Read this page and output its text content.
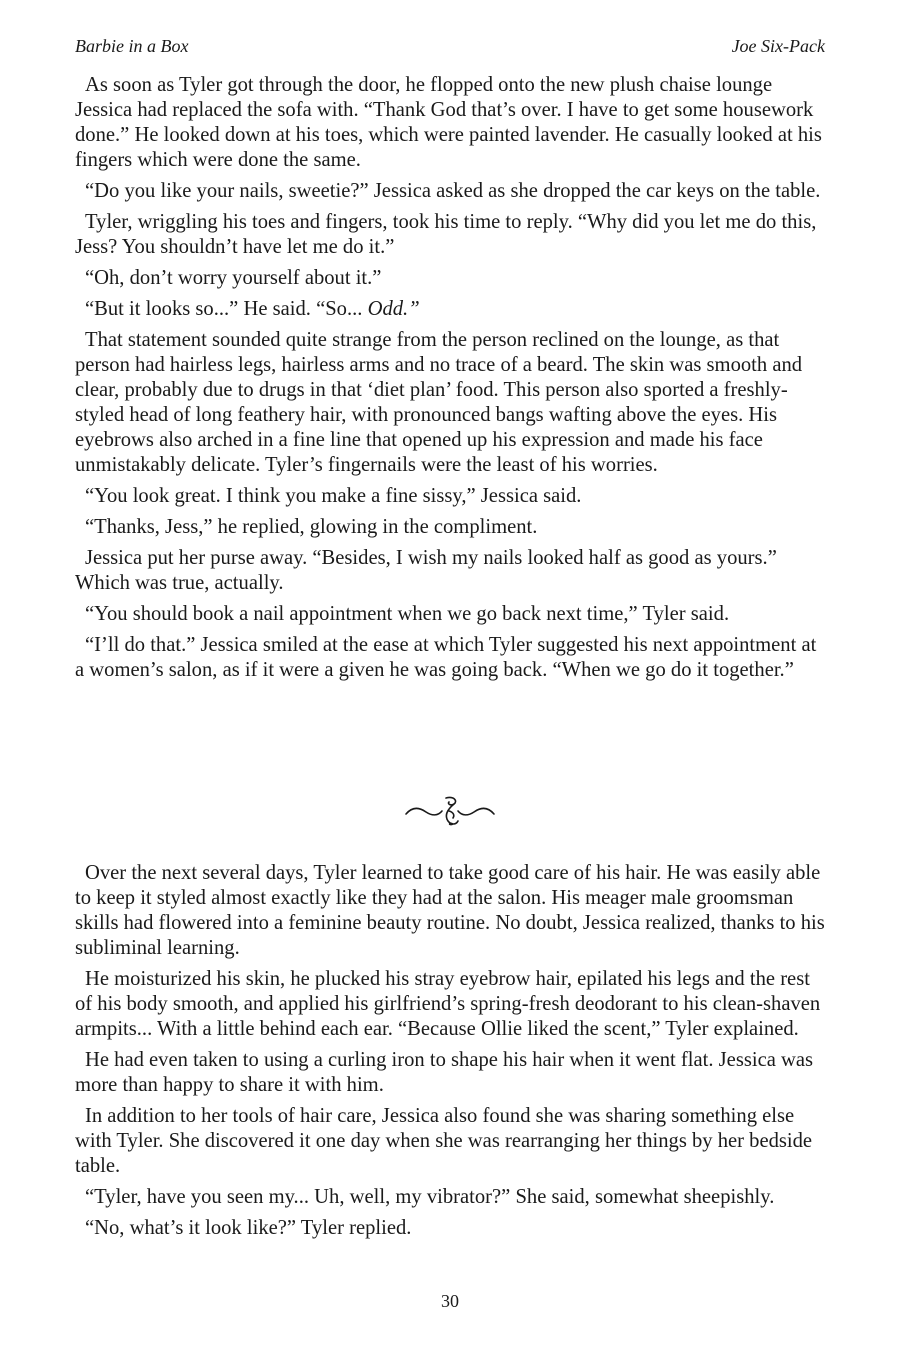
Barbie in a Box	Joe Six-Pack

As soon as Tyler got through the door, he flopped onto the new plush chaise lounge Jessica had replaced the sofa with. “Thank God that’s over. I have to get some housework done.” He looked down at his toes, which were painted lavender. He casually looked at his fingers which were done the same.

“Do you like your nails, sweetie?” Jessica asked as she dropped the car keys on the table.

Tyler, wriggling his toes and fingers, took his time to reply. “Why did you let me do this, Jess? You shouldn’t have let me do it.”

“Oh, don’t worry yourself about it.”

“But it looks so...” He said. “So... Odd.”

That statement sounded quite strange from the person reclined on the lounge, as that person had hairless legs, hairless arms and no trace of a beard. The skin was smooth and clear, probably due to drugs in that ‘diet plan’ food. This person also sported a freshly-styled head of long feathery hair, with pronounced bangs wafting above the eyes. His eyebrows also arched in a fine line that opened up his expression and made his face unmistakably delicate. Tyler’s fingernails were the least of his worries.

“You look great. I think you make a fine sissy,” Jessica said.

“Thanks, Jess,” he replied, glowing in the compliment.

Jessica put her purse away. “Besides, I wish my nails looked half as good as yours.” Which was true, actually.

“You should book a nail appointment when we go back next time,” Tyler said.

“I’ll do that.” Jessica smiled at the ease at which Tyler suggested his next appointment at a women’s salon, as if it were a given he was going back. “When we go do it together.”

Over the next several days, Tyler learned to take good care of his hair. He was easily able to keep it styled almost exactly like they had at the salon. His meager male groomsman skills had flowered into a feminine beauty routine. No doubt, Jessica realized, thanks to his subliminal learning.

He moisturized his skin, he plucked his stray eyebrow hair, epilated his legs and the rest of his body smooth, and applied his girlfriend’s spring-fresh deodorant to his clean-shaven armpits... With a little behind each ear. “Because Ollie liked the scent,” Tyler explained.

He had even taken to using a curling iron to shape his hair when it went flat. Jessica was more than happy to share it with him.

In addition to her tools of hair care, Jessica also found she was sharing something else with Tyler. She discovered it one day when she was rearranging her things by her bedside table.

“Tyler, have you seen my... Uh, well, my vibrator?” She said, somewhat sheepishly.

“No, what’s it look like?” Tyler replied.

30
